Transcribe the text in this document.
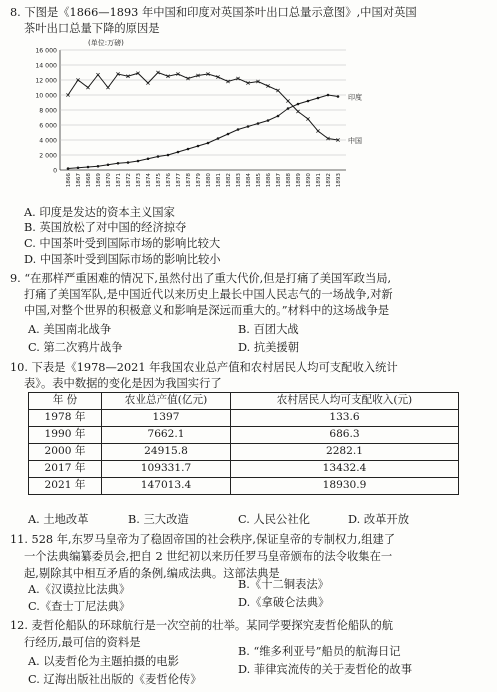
8. 下图是《1866—1893 年中国和印度对英国茶叶出口总量示意图》,中国对英国
茶叶出口总量下降的原因是
(单位:万磅)
16 000
14 000
12 000
10 000
8 000
6 000
4 000
2 000
0
1866 1867 1868 1869 1870 1871 1872 1873 1874 1875 1876 1877 1878 1879 1880 1881 1882 1883 1884 1885 1886 1887 1888 1889 1890 1891 1892 1893
中国
印度
A. 印度是发达的资本主义国家
B. 英国放松了对中国的经济掠夺
C. 中国茶叶受到国际市场的影响比较大
D. 中国茶叶受到国际市场的影响比较小
9. “在那样严重困难的情况下,虽然付出了重大代价,但是打痛了美国军政当局,
打痛了美国军队,是中国近代以来历史上最长中国人民志气的一场战争,对新
中国,对整个世界的积极意义和影响是深远而重大的。”材料中的这场战争是
A. 美国南北战争	B. 百团大战
C. 第二次鸦片战争	D. 抗美援朝
10. 下表是《1978—2021 年我国农业总产值和农村居民人均可支配收入统计
表》。表中数据的变化是因为我国实行了
年 份	农业总产值(亿元)	农村居民人均可支配收入(元)
1978 年	1397	133.6
1990 年	7662.1	686.3
2000 年	24915.8	2282.1
2017 年	109331.7	13432.4
2021 年	147013.4	18930.9
A. 土地改革	B. 三大改造	C. 人民公社化	D. 改革开放
11. 528 年,东罗马皇帝为了稳固帝国的社会秩序,保证皇帝的专制权力,组建了
一个法典编纂委员会,把自 2 世纪初以来历任罗马皇帝颁布的法令收集在一
起,剔除其中相互矛盾的条例,编成法典。这部法典是
A.《汉谟拉比法典》	B.《十二铜表法》
C.《查士丁尼法典》	D.《拿破仑法典》
12. 麦哲伦船队的环球航行是一次空前的壮举。某同学要探究麦哲伦船队的航
行经历,最可信的资料是
A. 以麦哲伦为主题拍摄的电影
B. “维多利亚号”船员的航海日记
C. 辽海出版社出版的《麦哲伦传》
D. 菲律宾流传的关于麦哲伦的故事
